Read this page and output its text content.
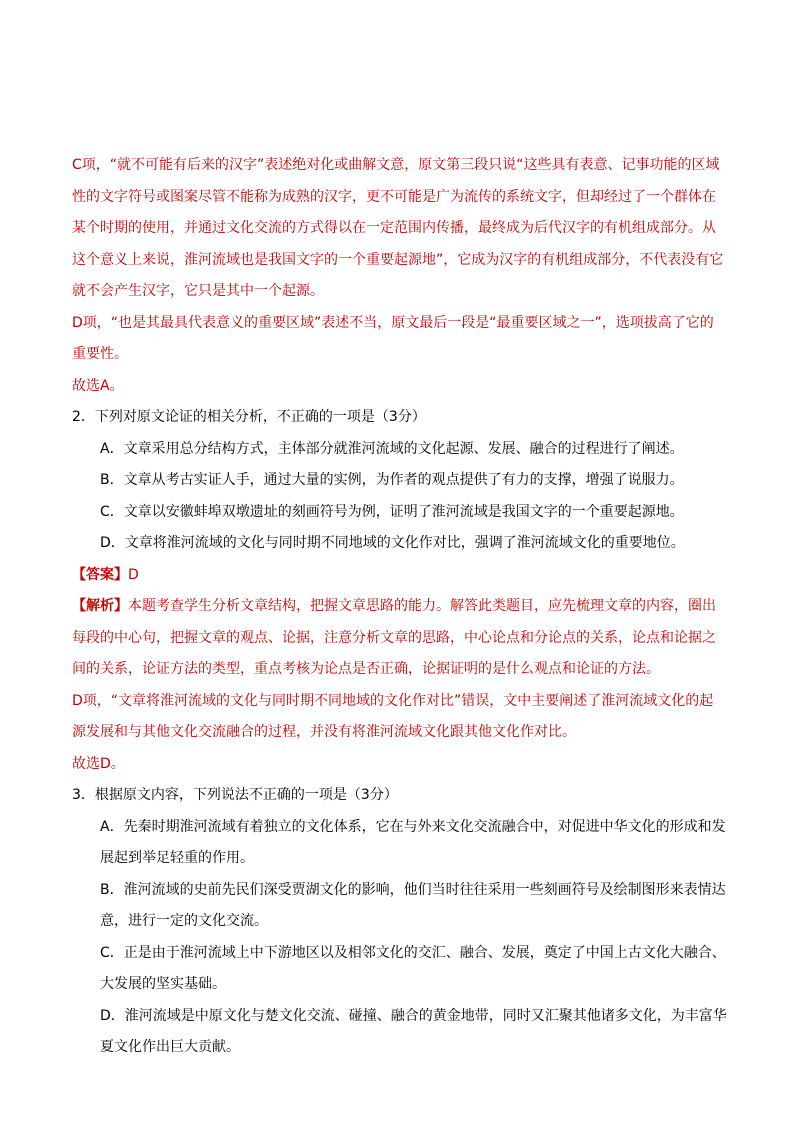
C项，“就不可能有后来的汉字”表述绝对化或曲解文意，原文第三段只说“这些具有表意、记事功能的区域性的文字符号或图案尽管不能称为成熟的汉字，更不可能是广为流传的系统文字，但却经过了一个群体在某个时期的使用，并通过文化交流的方式得以在一定范围内传播，最终成为后代汉字的有机组成部分。从这个意义上来说，淮河流域也是我国文字的一个重要起源地”，它成为汉字的有机组成部分，不代表没有它就不会产生汉字，它只是其中一个起源。

D项，“也是其最具代表意义的重要区域”表述不当，原文最后一段是“最重要区域之一”，选项拔高了它的重要性。

故选A。

2．下列对原文论证的相关分析，不正确的一项是（3分）

A．文章采用总分结构方式，主体部分就淮河流域的文化起源、发展、融合的过程进行了阐述。

B．文章从考古实证人手，通过大量的实例，为作者的观点提供了有力的支撑，增强了说服力。

C．文章以安徽蚌埠双墩遗址的刻画符号为例，证明了淮河流域是我国文字的一个重要起源地。

D．文章将淮河流域的文化与同时期不同地域的文化作对比，强调了淮河流域文化的重要地位。

【答案】D

【解析】本题考查学生分析文章结构，把握文章思路的能力。解答此类题目，应先梳理文章的内容，圈出每段的中心句，把握文章的观点、论据，注意分析文章的思路，中心论点和分论点的关系，论点和论据之间的关系，论证方法的类型，重点考核为论点是否正确，论据证明的是什么观点和论证的方法。

D项，“文章将淮河流域的文化与同时期不同地域的文化作对比”错误，文中主要阐述了淮河流域文化的起源发展和与其他文化交流融合的过程，并没有将淮河流域文化跟其他文化作对比。

故选D。

3．根据原文内容，下列说法不正确的一项是（3分）

A．先秦时期淮河流域有着独立的文化体系，它在与外来文化交流融合中，对促进中华文化的形成和发展起到举足轻重的作用。

B．淮河流域的史前先民们深受贾湖文化的影响，他们当时往往采用一些刻画符号及绘制图形来表情达意，进行一定的文化交流。

C．正是由于淮河流域上中下游地区以及相邻文化的交汇、融合、发展，奠定了中国上古文化大融合、大发展的坚实基础。

D．淮河流域是中原文化与楚文化交流、碰撞、融合的黄金地带，同时又汇聚其他诸多文化，为丰富华夏文化作出巨大贡献。
